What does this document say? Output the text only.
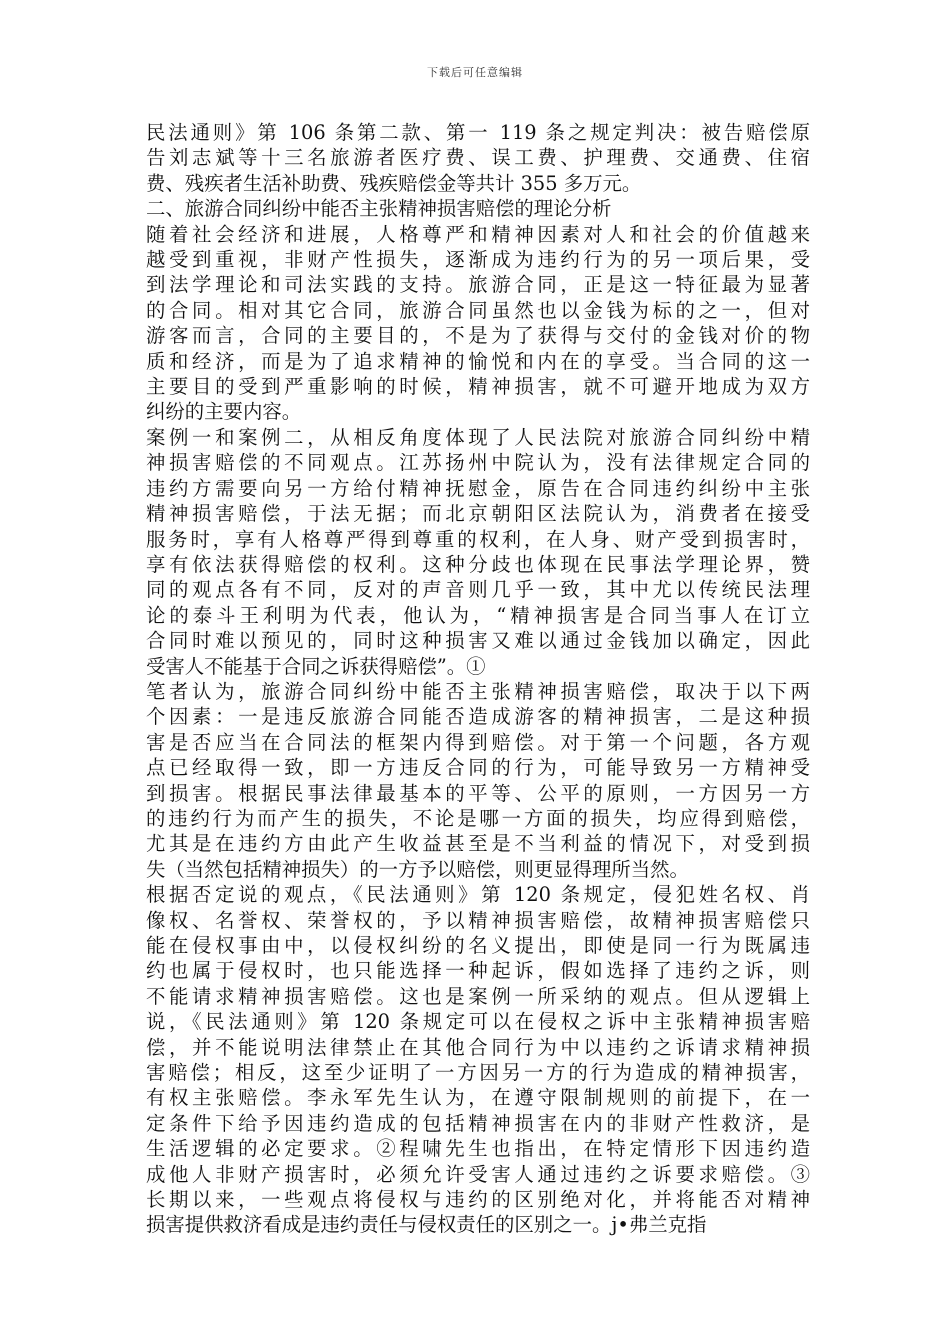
下载后可任意编辑

民法通则》第 106 条第二款、第一 119 条之规定判决：被告赔偿原
告刘志斌等十三名旅游者医疗费、误工费、护理费、交通费、住宿
费、残疾者生活补助费、残疾赔偿金等共计 355 多万元。

二、旅游合同纠纷中能否主张精神损害赔偿的理论分析

随着社会经济和进展，人格尊严和精神因素对人和社会的价值越来
越受到重视，非财产性损失，逐渐成为违约行为的另一项后果，受
到法学理论和司法实践的支持。旅游合同，正是这一特征最为显著
的合同。相对其它合同，旅游合同虽然也以金钱为标的之一，但对
游客而言，合同的主要目的，不是为了获得与交付的金钱对价的物
质和经济，而是为了追求精神的愉悦和内在的享受。当合同的这一
主要目的受到严重影响的时候，精神损害，就不可避开地成为双方
纠纷的主要内容。

案例一和案例二，从相反角度体现了人民法院对旅游合同纠纷中精
神损害赔偿的不同观点。江苏扬州中院认为，没有法律规定合同的
违约方需要向另一方给付精神抚慰金，原告在合同违约纠纷中主张
精神损害赔偿，于法无据；而北京朝阳区法院认为，消费者在接受
服务时，享有人格尊严得到尊重的权利，在人身、财产受到损害时，
享有依法获得赔偿的权利。这种分歧也体现在民事法学理论界，赞
同的观点各有不同，反对的声音则几乎一致，其中尤以传统民法理
论的泰斗王利明为代表，他认为，“精神损害是合同当事人在订立
合同时难以预见的，同时这种损害又难以通过金钱加以确定，因此
受害人不能基于合同之诉获得赔偿”。①

笔者认为，旅游合同纠纷中能否主张精神损害赔偿，取决于以下两
个因素：一是违反旅游合同能否造成游客的精神损害，二是这种损
害是否应当在合同法的框架内得到赔偿。对于第一个问题，各方观
点已经取得一致，即一方违反合同的行为，可能导致另一方精神受
到损害。根据民事法律最基本的平等、公平的原则，一方因另一方
的违约行为而产生的损失，不论是哪一方面的损失，均应得到赔偿，
尤其是在违约方由此产生收益甚至是不当利益的情况下，对受到损
失（当然包括精神损失）的一方予以赔偿，则更显得理所当然。

根据否定说的观点，《民法通则》第 120 条规定，侵犯姓名权、肖
像权、名誉权、荣誉权的，予以精神损害赔偿，故精神损害赔偿只
能在侵权事由中，以侵权纠纷的名义提出，即使是同一行为既属违
约也属于侵权时，也只能选择一种起诉，假如选择了违约之诉，则
不能请求精神损害赔偿。这也是案例一所采纳的观点。但从逻辑上
说，《民法通则》第 120 条规定可以在侵权之诉中主张精神损害赔
偿，并不能说明法律禁止在其他合同行为中以违约之诉请求精神损
害赔偿；相反，这至少证明了一方因另一方的行为造成的精神损害，
有权主张赔偿。李永军先生认为，在遵守限制规则的前提下，在一
定条件下给予因违约造成的包括精神损害在内的非财产性救济，是
生活逻辑的必定要求。②程啸先生也指出，在特定情形下因违约造
成他人非财产损害时，必须允许受害人通过违约之诉要求赔偿。③
长期以来，一些观点将侵权与违约的区别绝对化，并将能否对精神
损害提供救济看成是违约责任与侵权责任的区别之一。j•弗兰克指
